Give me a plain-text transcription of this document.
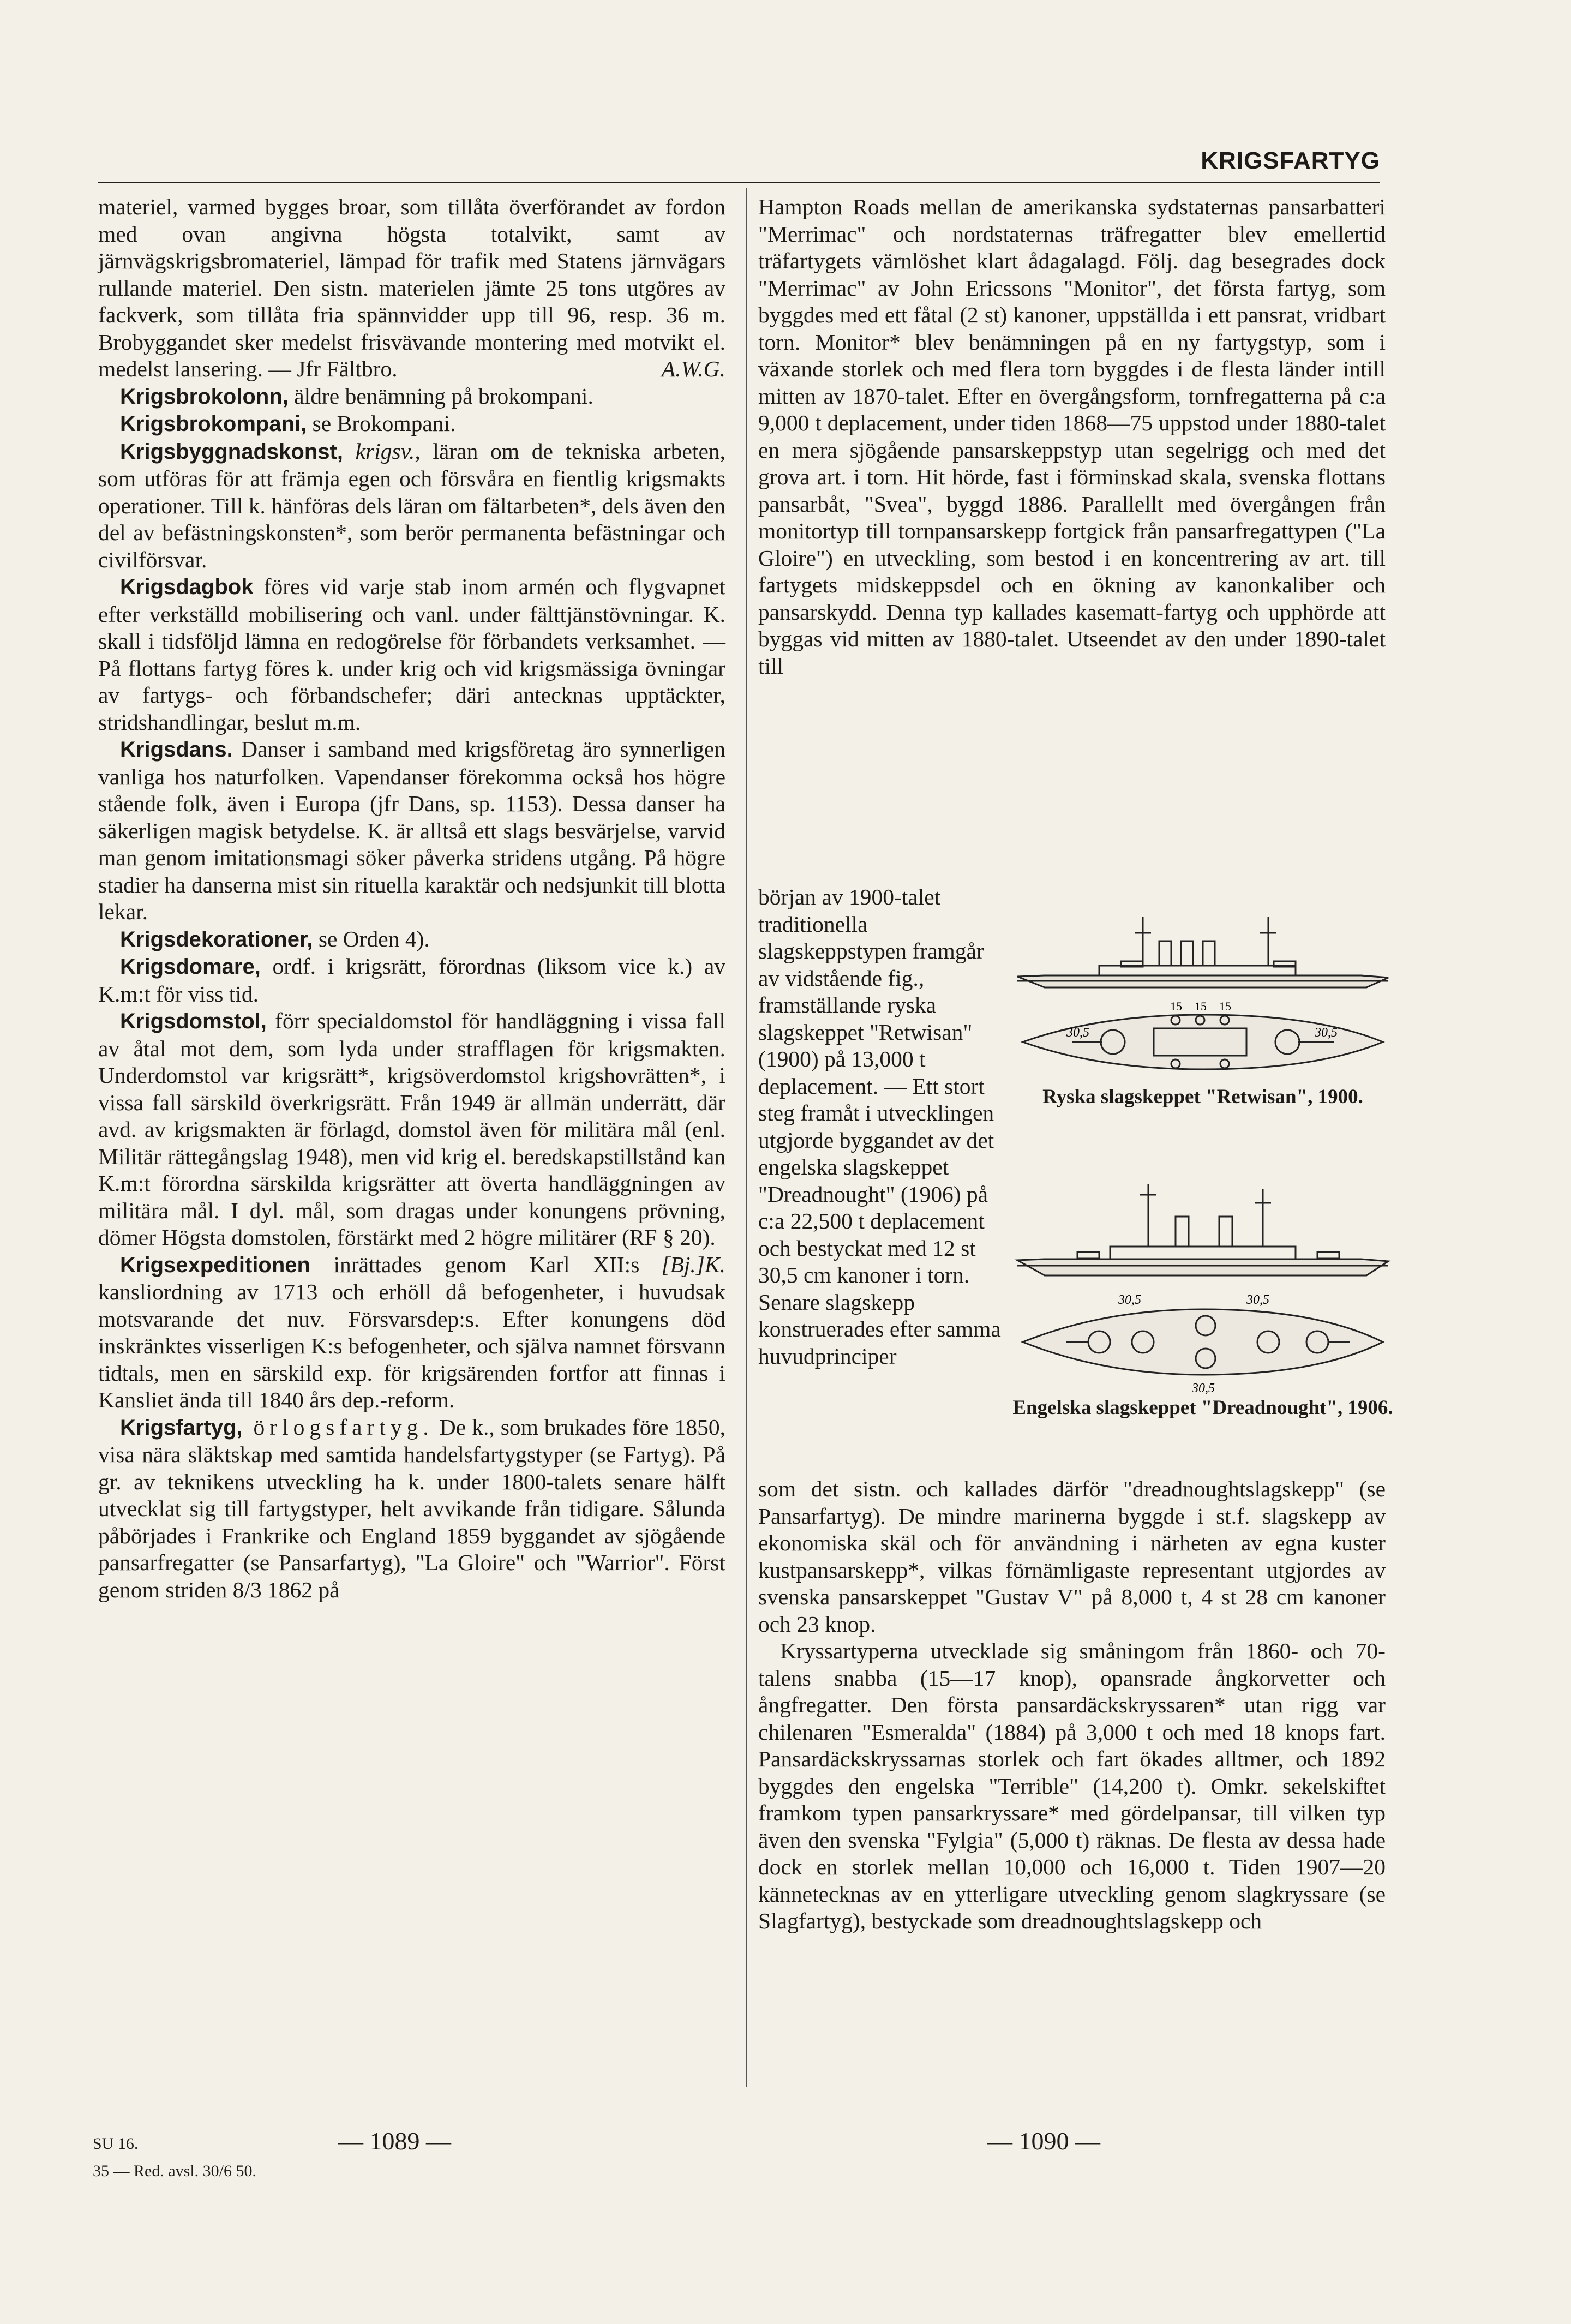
KRIGSFARTYG

materiel, varmed bygges broar, som tillåta överförandet av fordon med ovan angivna högsta totalvikt, samt av järnvägskrigsbromateriel, lämpad för trafik med Statens järnvägars rullande materiel. Den sistn. materielen jämte 25 tons utgöres av fackverk, som tillåta fria spännvidder upp till 96, resp. 36 m. Brobyggandet sker medelst frisvävande montering med motvikt el. medelst lansering. — Jfr Fältbro.	A.W.G.

Krigsbrokolonn, äldre benämning på brokompani.

Krigsbrokompani, se Brokompani.

Krigsbyggnadskonst, krigsv., läran om de tekniska arbeten, som utföras för att främja egen och försvåra en fientlig krigsmakts operationer. Till k. hänföras dels läran om fältarbeten*, dels även den del av befästningskonsten*, som berör permanenta befästningar och civilförsvar.

Krigsdagbok föres vid varje stab inom armén och flygvapnet efter verkställd mobilisering och vanl. under fälttjänstövningar. K. skall i tidsföljd lämna en redogörelse för förbandets verksamhet. — På flottans fartyg föres k. under krig och vid krigsmässiga övningar av fartygs- och förbandschefer; däri antecknas upptäckter, stridshandlingar, beslut m.m.

Krigsdans. Danser i samband med krigsföretag äro synnerligen vanliga hos naturfolken. Vapendanser förekomma också hos högre stående folk, även i Europa (jfr Dans, sp. 1153). Dessa danser ha säkerligen magisk betydelse. K. är alltså ett slags besvärjelse, varvid man genom imitationsmagi söker påverka stridens utgång. På högre stadier ha danserna mist sin rituella karaktär och nedsjunkit till blotta lekar.

Krigsdekorationer, se Orden 4).

Krigsdomare, ordf. i krigsrätt, förordnas (liksom vice k.) av K.m:t för viss tid.

Krigsdomstol, förr specialdomstol för handläggning i vissa fall av åtal mot dem, som lyda under strafflagen för krigsmakten. Underdomstol var krigsrätt*, krigsöverdomstol krigshovrätten*, i vissa fall särskild överkrigsrätt. Från 1949 är allmän underrätt, där avd. av krigsmakten är förlagd, domstol även för militära mål (enl. Militär rättegångslag 1948), men vid krig el. beredskapstillstånd kan K.m:t förordna särskilda krigsrätter att överta handläggningen av militära mål. I dyl. mål, som dragas under konungens prövning, dömer Högsta domstolen, förstärkt med 2 högre militärer (RF § 20).
[Bj.]K.

Krigsexpeditionen inrättades genom Karl XII:s kansliordning av 1713 och erhöll då befogenheter, i huvudsak motsvarande det nuv. Försvarsdep:s. Efter konungens död inskränktes visserligen K:s befogenheter, och själva namnet försvann tidtals, men en särskild exp. för krigsärenden fortfor att finnas i Kansliet ända till 1840 års dep.-reform.

Krigsfartyg, örlogsfartyg. De k., som brukades före 1850, visa nära släktskap med samtida handelsfartygstyper (se Fartyg). På gr. av teknikens utveckling ha k. under 1800-talets senare hälft utvecklat sig till fartygstyper, helt avvikande från tidigare. Sålunda påbörjades i Frankrike och England 1859 byggandet av sjögående pansarfregatter (se Pansarfartyg), "La Gloire" och "Warrior". Först genom striden 8/3 1862 på

Hampton Roads mellan de amerikanska sydstaternas pansarbatteri "Merrimac" och nordstaternas träfregatter blev emellertid träfartygets värnlöshet klart ådagalagd. Följ. dag besegrades dock "Merrimac" av John Ericssons "Monitor", det första fartyg, som byggdes med ett fåtal (2 st) kanoner, uppställda i ett pansrat, vridbart torn. Monitor* blev benämningen på en ny fartygstyp, som i växande storlek och med flera torn byggdes i de flesta länder intill mitten av 1870-talet. Efter en övergångsform, tornfregatterna på c:a 9,000 t deplacement, under tiden 1868—75 uppstod under 1880-talet en mera sjögående pansarskeppstyp utan segelrigg och med det grova art. i torn. Hit hörde, fast i förminskad skala, svenska flottans pansarbåt, "Svea", byggd 1886. Parallellt med övergången från monitortyp till tornpansarskepp fortgick från pansarfregattypen ("La Gloire") en utveckling, som bestod i en koncentrering av art. till fartygets midskeppsdel och en ökning av kanonkaliber och pansarskydd. Denna typ kallades kasematt-fartyg och upphörde att byggas vid mitten av 1880-talet. Utseendet av den under 1890-talet till

början av 1900-talet traditionella slagskeppstypen framgår av vidstående fig., framställande ryska slagskeppet "Retwisan" (1900) på 13,000 t deplacement. — Ett stort steg framåt i utvecklingen utgjorde byggandet av det engelska slagskeppet "Dreadnought" (1906) på c:a 22,500 t deplacement och bestyckat med 12 st 30,5 cm kanoner i torn. Senare slagskepp konstruerades efter samma huvudprinciper

30,5	30,5
15 15 15
Ryska slagskeppet "Retwisan", 1900.
30,5	30,5
30,5
Engelska slagskeppet "Dreadnought", 1906.

som det sistn. och kallades därför "dreadnoughtslagskepp" (se Pansarfartyg). De mindre marinerna byggde i st.f. slagskepp av ekonomiska skäl och för användning i närheten av egna kuster kustpansarskepp*, vilkas förnämligaste representant utgjordes av svenska pansarskeppet "Gustav V" på 8,000 t, 4 st 28 cm kanoner och 23 knop.

Kryssartyperna utvecklade sig småningom från 1860- och 70-talens snabba (15—17 knop), opansrade ångkorvetter och ångfregatter. Den första pansardäckskryssaren* utan rigg var chilenaren "Esmeralda" (1884) på 3,000 t och med 18 knops fart. Pansardäckskryssarnas storlek och fart ökades alltmer, och 1892 byggdes den engelska "Terrible" (14,200 t). Omkr. sekelskiftet framkom typen pansarkryssare* med gördelpansar, till vilken typ även den svenska "Fylgia" (5,000 t) räknas. De flesta av dessa hade dock en storlek mellan 10,000 och 16,000 t. Tiden 1907—20 kännetecknas av en ytterligare utveckling genom slagkryssare (se Slagfartyg), bestyckade som dreadnoughtslagskepp och

SU 16.
35 — Red. avsl. 30/6 50.
— 1089 —	— 1090 —
